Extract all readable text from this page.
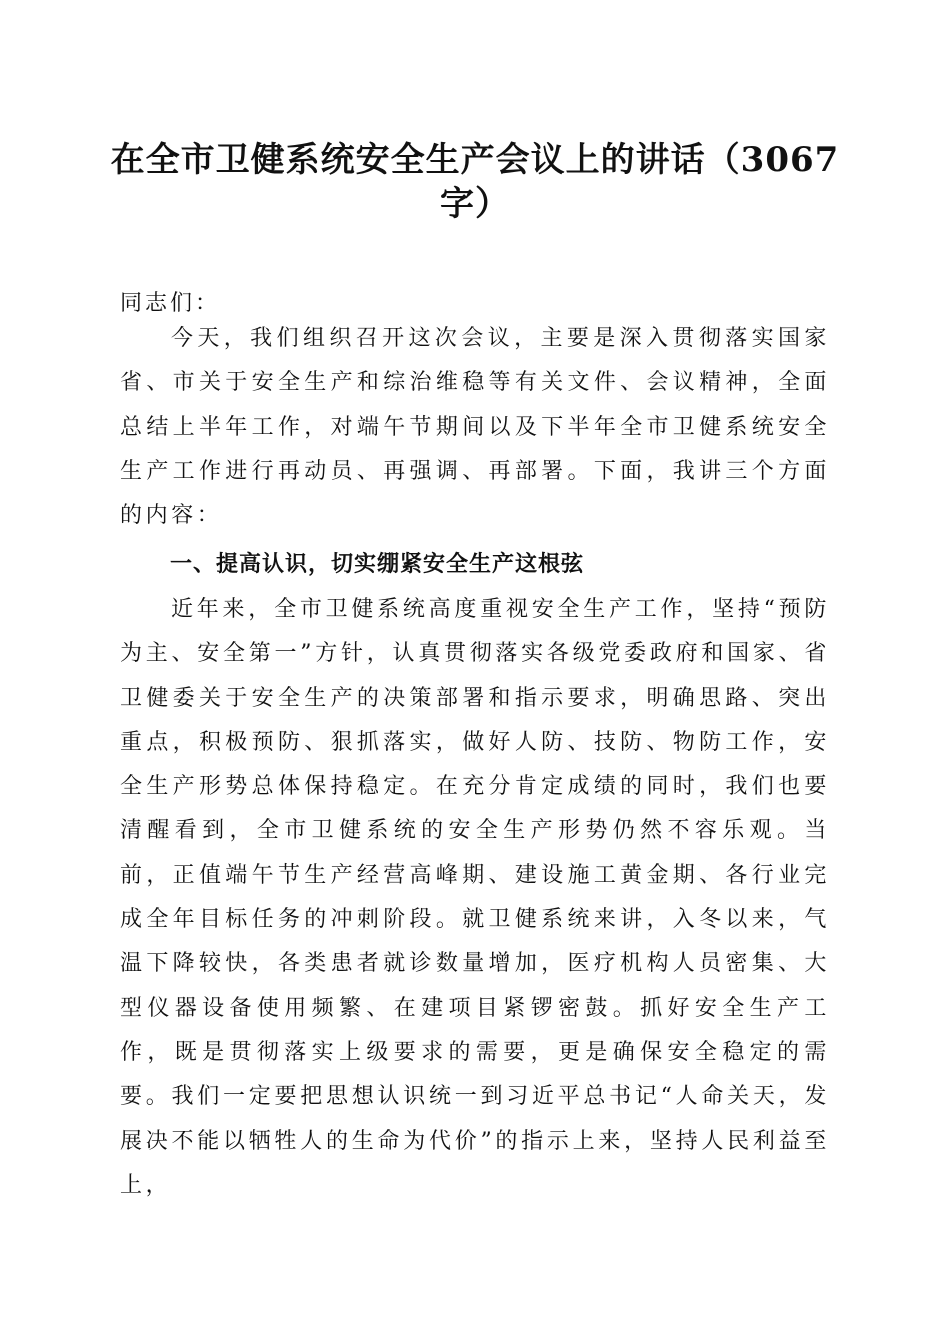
在全市卫健系统安全生产会议上的讲话（3067字）
同志们：

今天，我们组织召开这次会议，主要是深入贯彻落实国家省、市关于安全生产和综治维稳等有关文件、会议精神，全面总结上半年工作，对端午节期间以及下半年全市卫健系统安全生产工作进行再动员、再强调、再部署。下面，我讲三个方面的内容：

一、提高认识，切实绷紧安全生产这根弦

近年来，全市卫健系统高度重视安全生产工作，坚持“预防为主、安全第一”方针，认真贯彻落实各级党委政府和国家、省卫健委关于安全生产的决策部署和指示要求，明确思路、突出重点，积极预防、狠抓落实，做好人防、技防、物防工作，安全生产形势总体保持稳定。在充分肯定成绩的同时，我们也要清醒看到，全市卫健系统的安全生产形势仍然不容乐观。当前，正值端午节生产经营高峰期、建设施工黄金期、各行业完成全年目标任务的冲刺阶段。就卫健系统来讲，入冬以来，气温下降较快，各类患者就诊数量增加，医疗机构人员密集、大型仪器设备使用频繁、在建项目紧锣密鼓。抓好安全生产工作，既是贯彻落实上级要求的需要，更是确保安全稳定的需要。我们一定要把思想认识统一到习近平总书记“人命关天，发展决不能以牺牲人的生命为代价”的指示上来，坚持人民利益至上，
